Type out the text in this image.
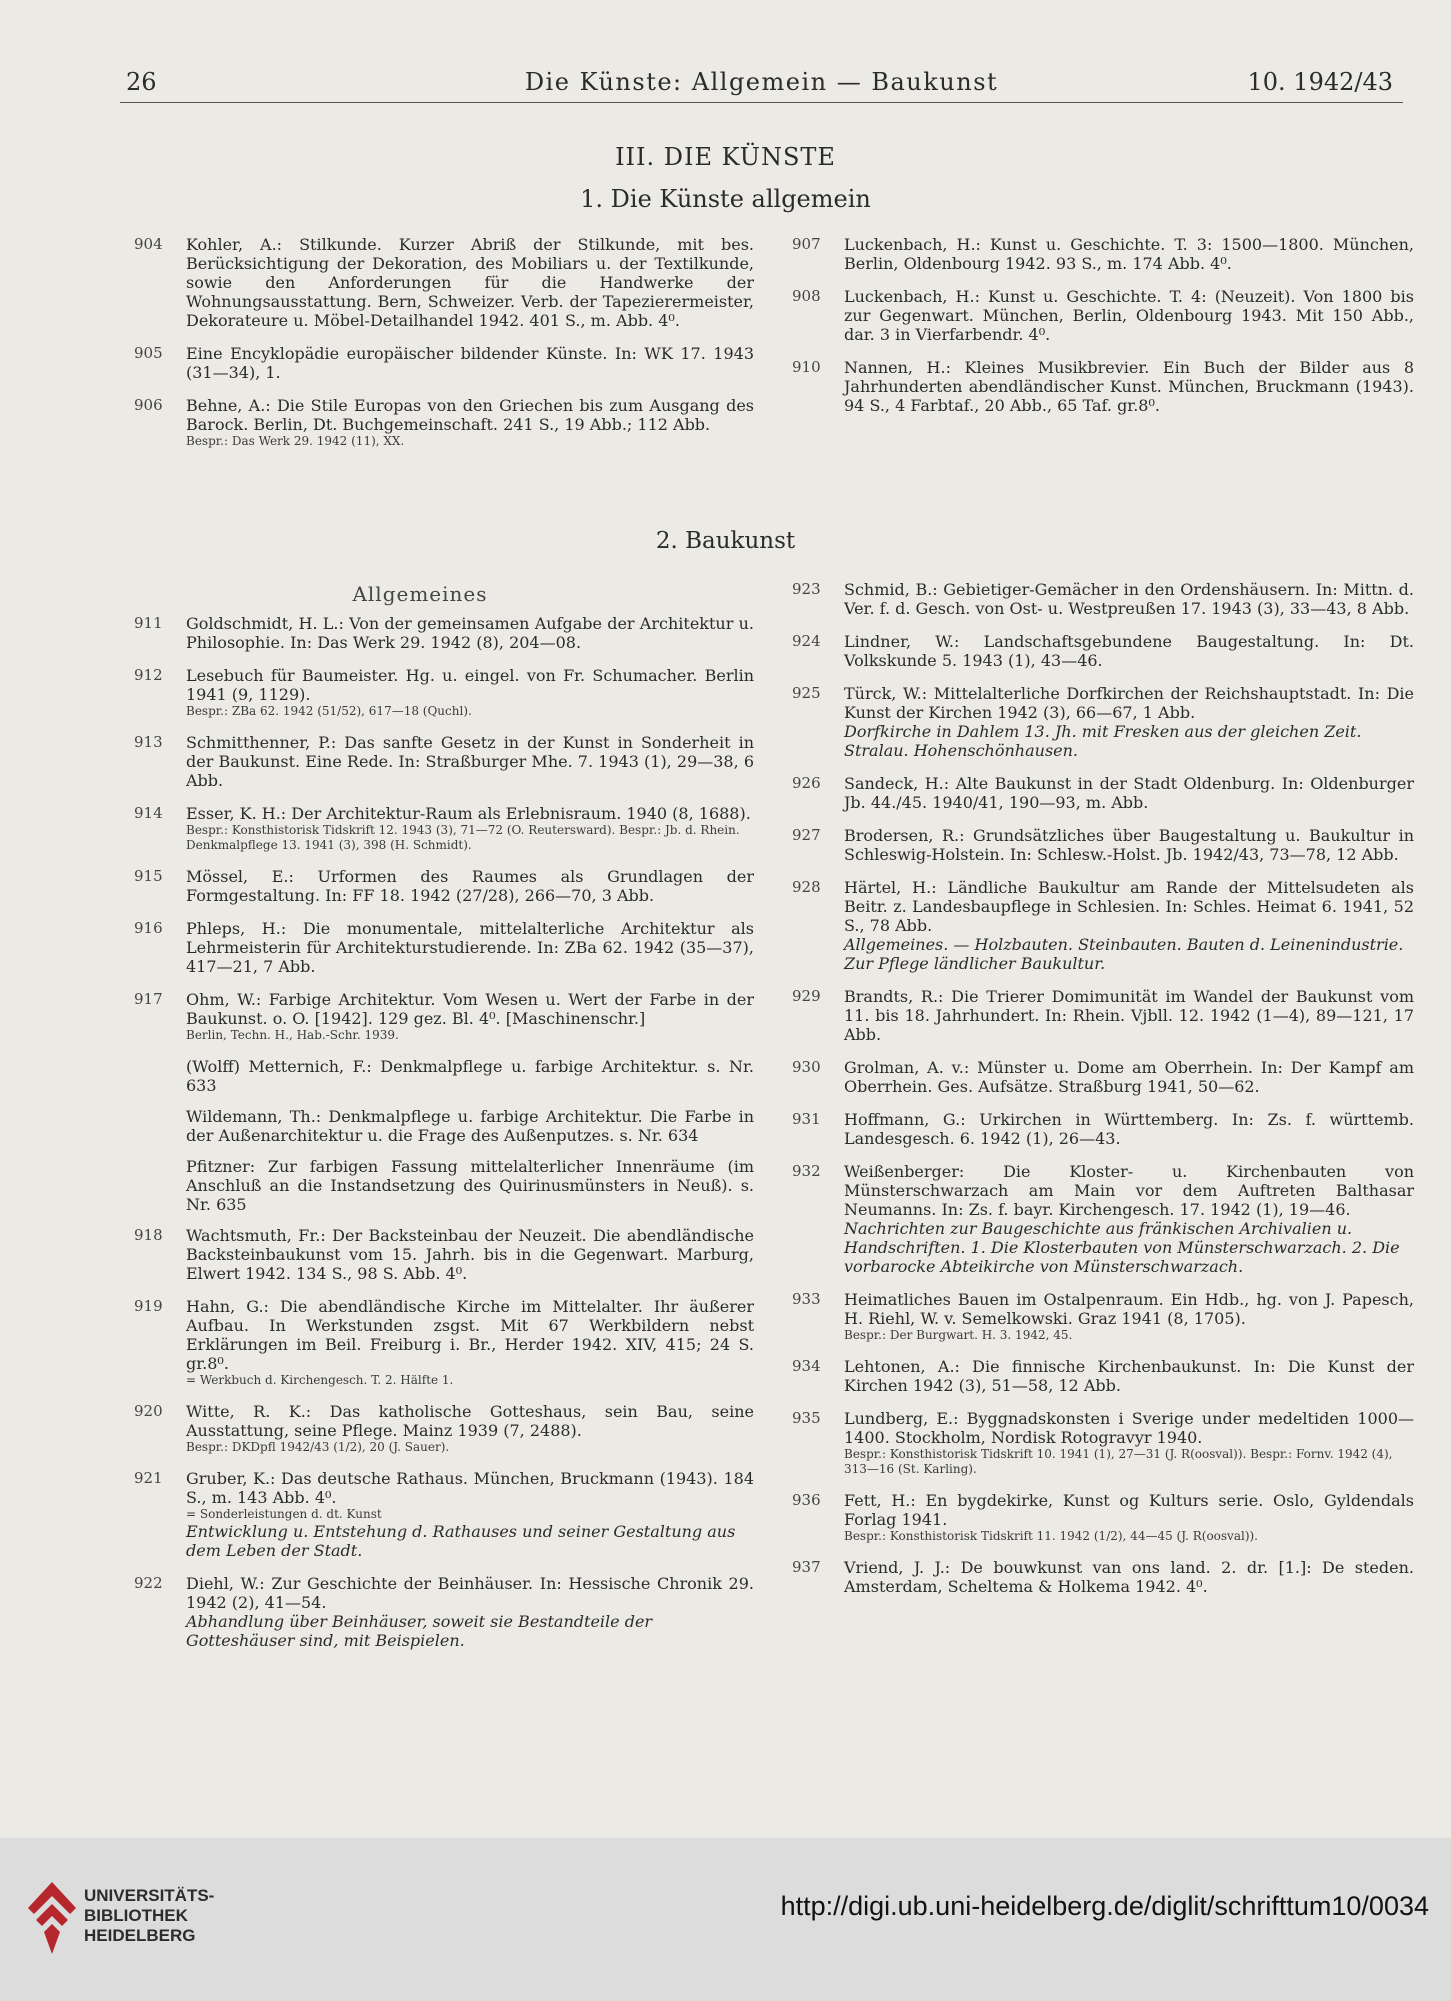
26	Die Künste: Allgemein — Baukunst	10. 1942/43
III. DIE KÜNSTE
1. Die Künste allgemein
904	Kohler, A.: Stilkunde. Kurzer Abriß der Stilkunde, mit bes. Berücksichtigung der Dekoration, des Mobiliars u. der Textilkunde, sowie den Anforderungen für die Handwerke der Wohnungsausstattung. Bern, Schweizer. Verb. der Tapezierermeister, Dekorateure u. Möbel-Detailhandel 1942. 401 S., m. Abb. 4⁰.
905	Eine Encyklopädie europäischer bildender Künste. In: WK 17. 1943 (31—34), 1.
906	Behne, A.: Die Stile Europas von den Griechen bis zum Ausgang des Barock. Berlin, Dt. Buchgemeinschaft. 241 S., 19 Abb.; 112 Abb.
Bespr.: Das Werk 29. 1942 (11), XX.
907	Luckenbach, H.: Kunst u. Geschichte. T. 3: 1500—1800. München, Berlin, Oldenbourg 1942. 93 S., m. 174 Abb. 4⁰.
908	Luckenbach, H.: Kunst u. Geschichte. T. 4: (Neuzeit). Von 1800 bis zur Gegenwart. München, Berlin, Oldenbourg 1943. Mit 150 Abb., dar. 3 in Vierfarbendr. 4⁰.
910	Nannen, H.: Kleines Musikbrevier. Ein Buch der Bilder aus 8 Jahrhunderten abendländischer Kunst. München, Bruckmann (1943). 94 S., 4 Farbtaf., 20 Abb., 65 Taf. gr.8⁰.
2. Baukunst
Allgemeines
911	Goldschmidt, H. L.: Von der gemeinsamen Aufgabe der Architektur u. Philosophie. In: Das Werk 29. 1942 (8), 204—08.
912	Lesebuch für Baumeister. Hg. u. eingel. von Fr. Schumacher. Berlin 1941 (9, 1129).
Bespr.: ZBa 62. 1942 (51/52), 617—18 (Quchl).
913	Schmitthenner, P.: Das sanfte Gesetz in der Kunst in Sonderheit in der Baukunst. Eine Rede. In: Straßburger Mhe. 7. 1943 (1), 29—38, 6 Abb.
914	Esser, K. H.: Der Architektur-Raum als Erlebnisraum. 1940 (8, 1688).
Bespr.: Konsthistorisk Tidskrift 12. 1943 (3), 71—72 (O. Reutersward). Bespr.: Jb. d. Rhein. Denkmalpflege 13. 1941 (3), 398 (H. Schmidt).
915	Mössel, E.: Urformen des Raumes als Grundlagen der Formgestaltung. In: FF 18. 1942 (27/28), 266—70, 3 Abb.
916	Phleps, H.: Die monumentale, mittelalterliche Architektur als Lehrmeisterin für Architekturstudierende. In: ZBa 62. 1942 (35—37), 417—21, 7 Abb.
917	Ohm, W.: Farbige Architektur. Vom Wesen u. Wert der Farbe in der Baukunst. o. O. [1942]. 129 gez. Bl. 4⁰. [Maschinenschr.]
Berlin, Techn. H., Hab.-Schr. 1939.
(Wolff) Metternich, F.: Denkmalpflege u. farbige Architektur. s. Nr. 633
Wildemann, Th.: Denkmalpflege u. farbige Architektur. Die Farbe in der Außenarchitektur u. die Frage des Außenputzes. s. Nr. 634
Pfitzner: Zur farbigen Fassung mittelalterlicher Innenräume (im Anschluß an die Instandsetzung des Quirinusmünsters in Neuß). s. Nr. 635
918	Wachtsmuth, Fr.: Der Backsteinbau der Neuzeit. Die abendländische Backsteinbaukunst vom 15. Jahrh. bis in die Gegenwart. Marburg, Elwert 1942. 134 S., 98 S. Abb. 4⁰.
919	Hahn, G.: Die abendländische Kirche im Mittelalter. Ihr äußerer Aufbau. In Werkstunden zsgst. Mit 67 Werkbildern nebst Erklärungen im Beil. Freiburg i. Br., Herder 1942. XIV, 415; 24 S. gr.8⁰.
= Werkbuch d. Kirchengesch. T. 2. Hälfte 1.
920	Witte, R. K.: Das katholische Gotteshaus, sein Bau, seine Ausstattung, seine Pflege. Mainz 1939 (7, 2488).
Bespr.: DKDpfl 1942/43 (1/2), 20 (J. Sauer).
921	Gruber, K.: Das deutsche Rathaus. München, Bruckmann (1943). 184 S., m. 143 Abb. 4⁰.
= Sonderleistungen d. dt. Kunst
Entwicklung u. Entstehung d. Rathauses und seiner Gestaltung aus dem Leben der Stadt.
922	Diehl, W.: Zur Geschichte der Beinhäuser. In: Hessische Chronik 29. 1942 (2), 41—54.
Abhandlung über Beinhäuser, soweit sie Bestandteile der Gotteshäuser sind, mit Beispielen.
923	Schmid, B.: Gebietiger-Gemächer in den Ordenshäusern. In: Mittn. d. Ver. f. d. Gesch. von Ost- u. Westpreußen 17. 1943 (3), 33—43, 8 Abb.
924	Lindner, W.: Landschaftsgebundene Baugestaltung. In: Dt. Volkskunde 5. 1943 (1), 43—46.
925	Türck, W.: Mittelalterliche Dorfkirchen der Reichshauptstadt. In: Die Kunst der Kirchen 1942 (3), 66—67, 1 Abb.
Dorfkirche in Dahlem 13. Jh. mit Fresken aus der gleichen Zeit. Stralau. Hohenschönhausen.
926	Sandeck, H.: Alte Baukunst in der Stadt Oldenburg. In: Oldenburger Jb. 44./45. 1940/41, 190—93, m. Abb.
927	Brodersen, R.: Grundsätzliches über Baugestaltung u. Baukultur in Schleswig-Holstein. In: Schlesw.-Holst. Jb. 1942/43, 73—78, 12 Abb.
928	Härtel, H.: Ländliche Baukultur am Rande der Mittelsudeten als Beitr. z. Landesbaupflege in Schlesien. In: Schles. Heimat 6. 1941, 52 S., 78 Abb.
Allgemeines. — Holzbauten. Steinbauten. Bauten d. Leinenindustrie. Zur Pflege ländlicher Baukultur.
929	Brandts, R.: Die Trierer Domimunität im Wandel der Baukunst vom 11. bis 18. Jahrhundert. In: Rhein. Vjbll. 12. 1942 (1—4), 89—121, 17 Abb.
930	Grolman, A. v.: Münster u. Dome am Oberrhein. In: Der Kampf am Oberrhein. Ges. Aufsätze. Straßburg 1941, 50—62.
931	Hoffmann, G.: Urkirchen in Württemberg. In: Zs. f. württemb. Landesgesch. 6. 1942 (1), 26—43.
932	Weißenberger: Die Kloster- u. Kirchenbauten von Münsterschwarzach am Main vor dem Auftreten Balthasar Neumanns. In: Zs. f. bayr. Kirchengesch. 17. 1942 (1), 19—46.
Nachrichten zur Baugeschichte aus fränkischen Archivalien u. Handschriften. 1. Die Klosterbauten von Münsterschwarzach. 2. Die vorbarocke Abteikirche von Münsterschwarzach.
933	Heimatliches Bauen im Ostalpenraum. Ein Hdb., hg. von J. Papesch, H. Riehl, W. v. Semelkowski. Graz 1941 (8, 1705).
Bespr.: Der Burgwart. H. 3. 1942, 45.
934	Lehtonen, A.: Die finnische Kirchenbaukunst. In: Die Kunst der Kirchen 1942 (3), 51—58, 12 Abb.
935	Lundberg, E.: Byggnadskonsten i Sverige under medeltiden 1000—1400. Stockholm, Nordisk Rotogravyr 1940.
Bespr.: Konsthistorisk Tidskrift 10. 1941 (1), 27—31 (J. R(oosval)). Bespr.: Fornv. 1942 (4), 313—16 (St. Karling).
936	Fett, H.: En bygdekirke, Kunst og Kulturs serie. Oslo, Gyldendals Forlag 1941.
Bespr.: Konsthistorisk Tidskrift 11. 1942 (1/2), 44—45 (J. R(oosval)).
937	Vriend, J. J.: De bouwkunst van ons land. 2. dr. [1.]: De steden. Amsterdam, Scheltema & Holkema 1942. 4⁰.
UNIVERSITÄTS-
BIBLIOTHEK
HEIDELBERG
http://digi.ub.uni-heidelberg.de/diglit/schrifttum10/0034
